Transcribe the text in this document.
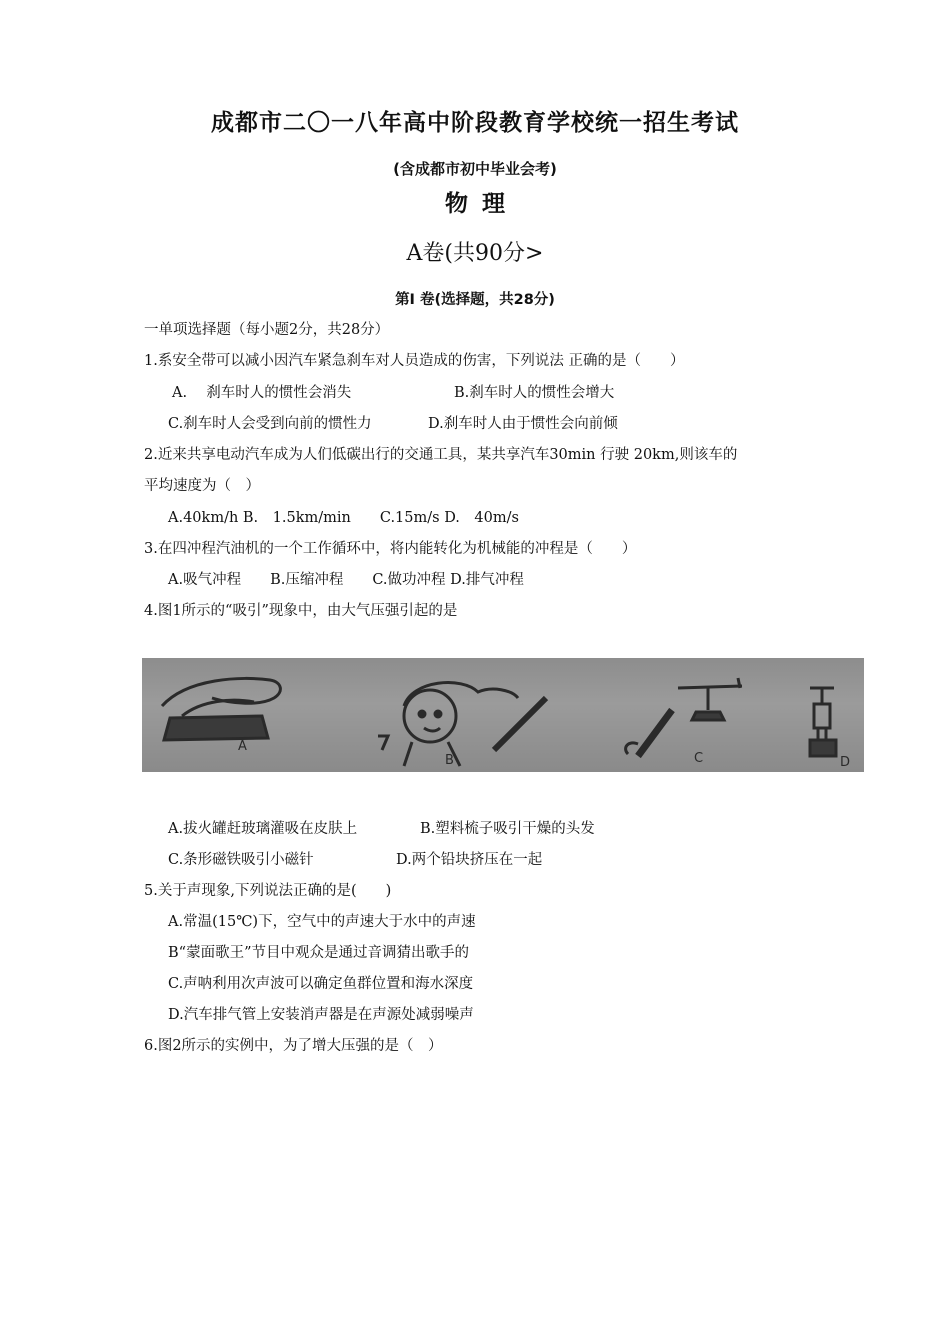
成都市二〇一八年高中阶段教育学校统一招生考试
(含成都市初中毕业会考)
物理
A卷(共90分>
第Ⅰ 卷(选择题，共28分)
一单项选择题（每小题2分，共28分）
1.系安全带可以减小因汽车紧急刹车对人员造成的伤害，下列说法 正确的是（　　）
A.　 刹车时人的惯性会消失	B.刹车时人的惯性会增大
C.刹车时人会受到向前的惯性力	D.刹车时人由于惯性会向前倾
2.近来共享电动汽车成为人们低碳出行的交通工具，某共享汽车30min 行驶 20km,则该车的
平均速度为（　）
A.40km/h B.　1.5km/min　　C.15m/s D.　40m/s
3.在四冲程汽油机的一个工作循环中，将内能转化为机械能的冲程是（　　）
A.吸气冲程　　B.压缩冲程　　C.做功冲程 D.排气冲程
4.图1所示的“吸引”现象中，由大气压强引起的是
A
B	C	D
A.拔火罐赶玻璃灌吸在皮肤上	B.塑料梳子吸引干燥的头发
C.条形磁铁吸引小磁针	D.两个铅块挤压在一起
5.关于声现象,下列说法正确的是(　　)
A.常温(15℃)下，空气中的声速大于水中的声速
B“蒙面歌王”节目中观众是通过音调猜出歌手的
C.声呐利用次声波可以确定鱼群位置和海水深度
D.汽车排气管上安装消声器是在声源处减弱噪声
6.图2所示的实例中，为了增大压强的是（　）
